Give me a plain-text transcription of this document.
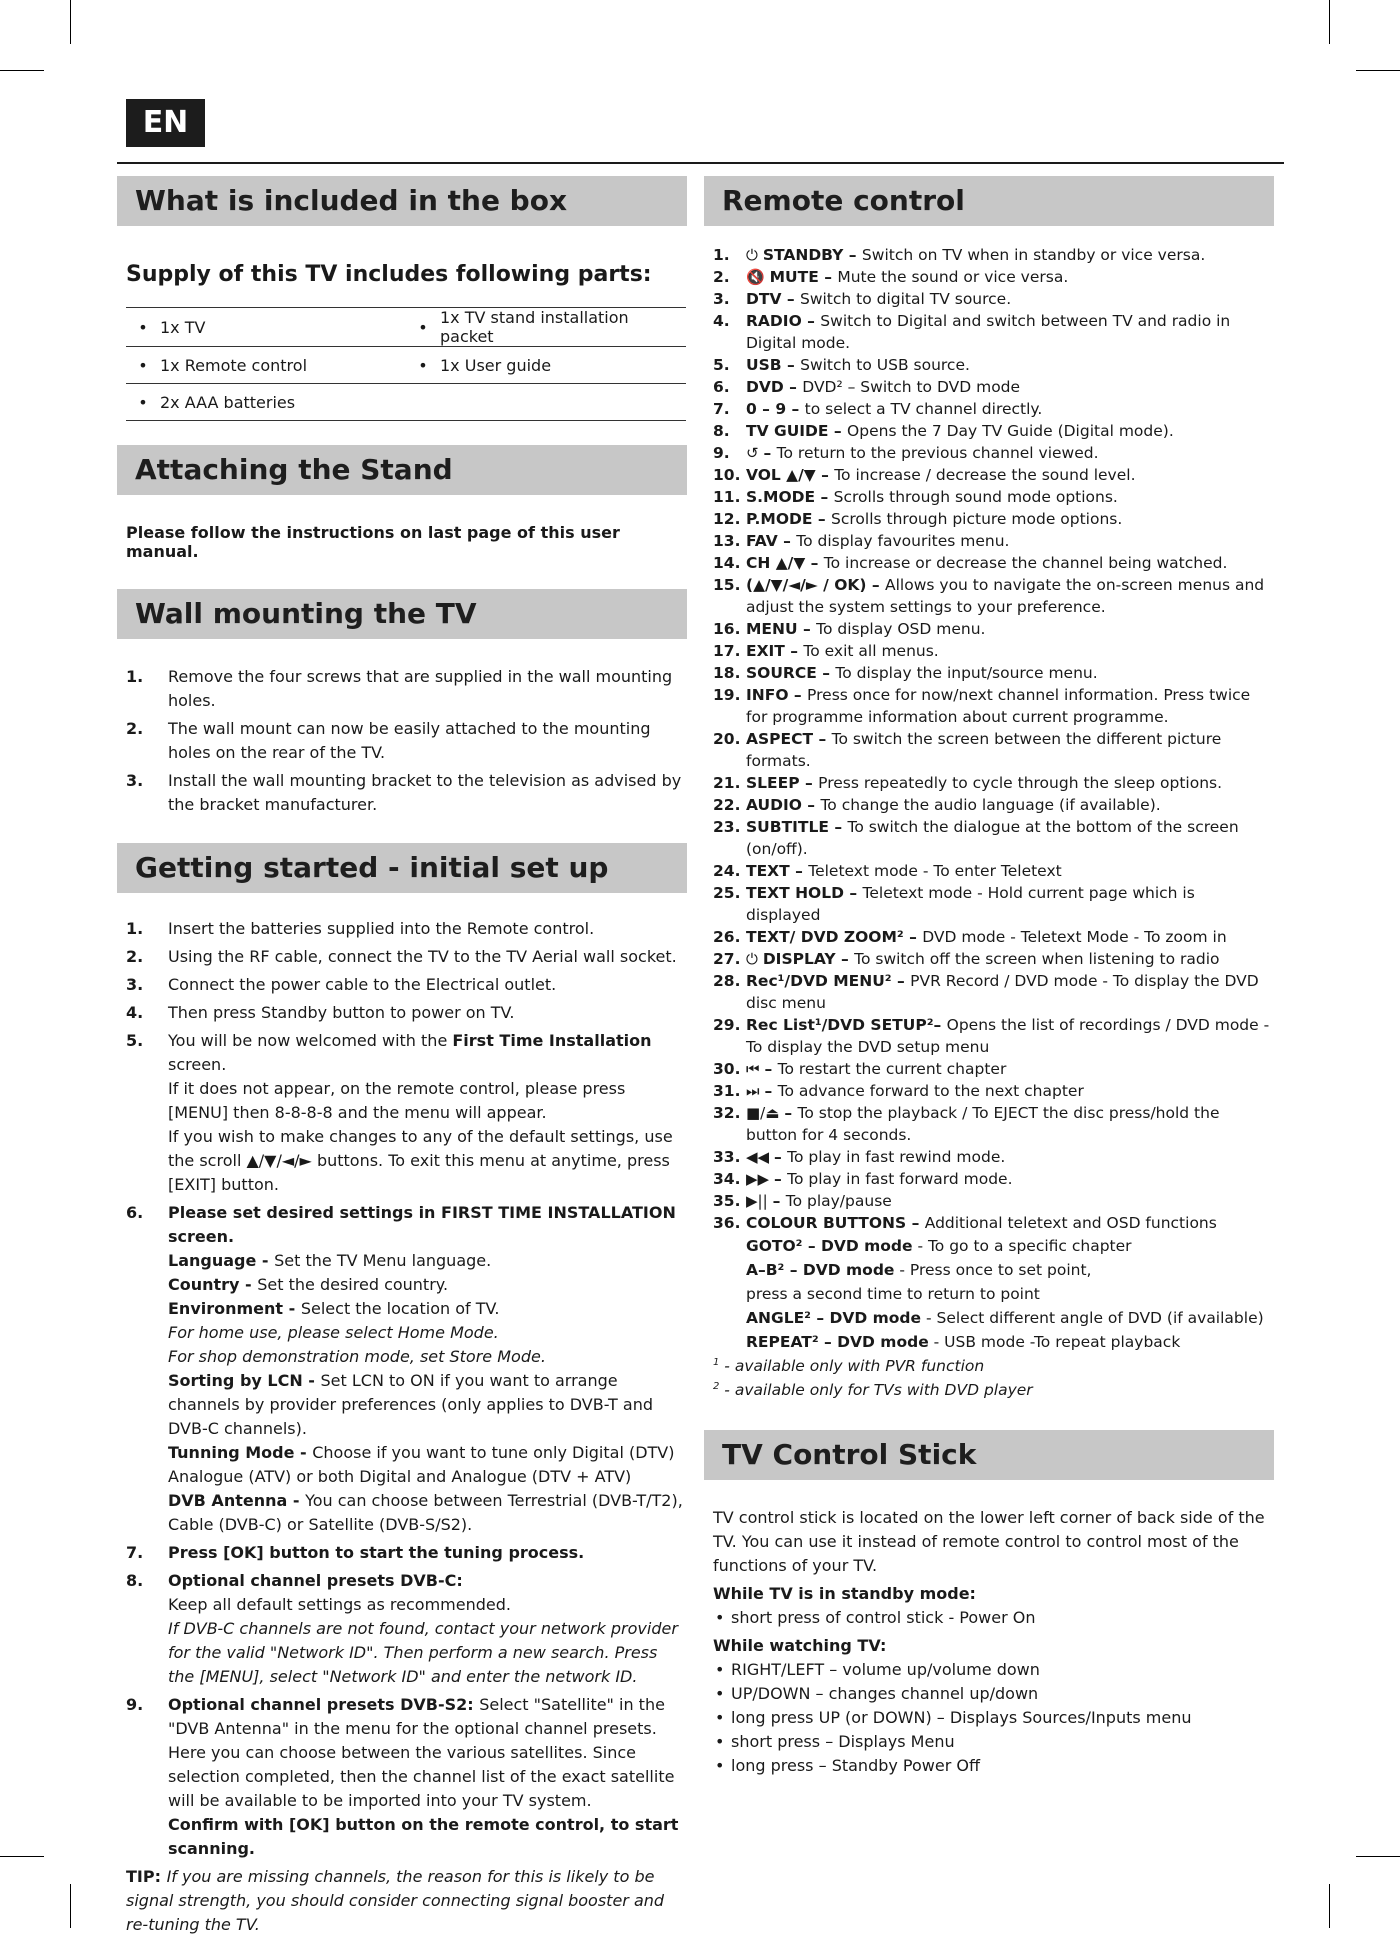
EN
What is included in the box
Supply of this TV includes following parts:
•	1x TV	•	1x TV stand installation packet
•	1x Remote control	•	1x User guide
•	2x AAA batteries		
Attaching the Stand
Please follow the instructions on last page of this user manual.
Wall mounting the TV
1. Remove the four screws that are supplied in the wall mounting holes.
2. The wall mount can now be easily attached to the mounting holes on the rear of the TV.
3. Install the wall mounting bracket to the television as advised by the bracket manufacturer.
Getting started - initial set up
1. Insert the batteries supplied into the Remote control.
2. Using the RF cable, connect the TV to the TV Aerial wall socket.
3. Connect the power cable to the Electrical outlet.
4. Then press Standby button to power on TV.
5. You will be now welcomed with the First Time Installation screen.
If it does not appear, on the remote control, please press [MENU] then 8-8-8-8 and the menu will appear.
If you wish to make changes to any of the default settings, use the scroll ▲/▼/◄/► buttons. To exit this menu at anytime, press [EXIT] button.
6. Please set desired settings in FIRST TIME INSTALLATION screen.
Language - Set the TV Menu language.
Country - Set the desired country.
Environment - Select the location of TV.
For home use, please select Home Mode.
For shop demonstration mode, set Store Mode.
Sorting by LCN - Set LCN to ON if you want to arrange channels by provider preferences (only applies to DVB-T and DVB-C channels).
Tunning Mode - Choose if you want to tune only Digital (DTV) Analogue (ATV) or both Digital and Analogue (DTV + ATV)
DVB Antenna - You can choose between Terrestrial (DVB-T/T2), Cable (DVB-C) or Satellite (DVB-S/S2).
7. Press [OK] button to start the tuning process.
8. Optional channel presets DVB-C:
Keep all default settings as recommended.
If DVB-C channels are not found, contact your network provider for the valid "Network ID". Then perform a new search. Press the [MENU], select "Network ID" and enter the network ID.
9. Optional channel presets DVB-S2: Select "Satellite" in the "DVB Antenna" in the menu for the optional channel presets. Here you can choose between the various satellites. Since selection completed, then the channel list of the exact satellite will be available to be imported into your TV system.
Confirm with [OK] button on the remote control, to start scanning.
TIP: If you are missing channels, the reason for this is likely to be signal strength, you should consider connecting signal booster and re-tuning the TV.
Remote control
1. ⏻ STANDBY – Switch on TV when in standby or vice versa.
2. 🔇 MUTE – Mute the sound or vice versa.
3. DTV – Switch to digital TV source.
4. RADIO – Switch to Digital and switch between TV and radio in Digital mode.
5. USB – Switch to USB source.
6. DVD – DVD² – Switch to DVD mode
7. 0 – 9 – to select a TV channel directly.
8. TV GUIDE – Opens the 7 Day TV Guide (Digital mode).
9. ↺ – To return to the previous channel viewed.
10. VOL ▲/▼ – To increase / decrease the sound level.
11. S.MODE – Scrolls through sound mode options.
12. P.MODE – Scrolls through picture mode options.
13. FAV – To display favourites menu.
14. CH ▲/▼ – To increase or decrease the channel being watched.
15. (▲/▼/◄/► / OK) – Allows you to navigate the on-screen menus and adjust the system settings to your preference.
16. MENU – To display OSD menu.
17. EXIT – To exit all menus.
18. SOURCE – To display the input/source menu.
19. INFO – Press once for now/next channel information. Press twice for programme information about current programme.
20. ASPECT – To switch the screen between the different picture formats.
21. SLEEP – Press repeatedly to cycle through the sleep options.
22. AUDIO – To change the audio language (if available).
23. SUBTITLE – To switch the dialogue at the bottom of the screen (on/off).
24. TEXT – Teletext mode - To enter Teletext
25. TEXT HOLD – Teletext mode - Hold current page which is displayed
26. TEXT/ DVD ZOOM² – DVD mode - Teletext Mode - To zoom in
27. ⏻ DISPLAY – To switch off the screen when listening to radio
28. Rec¹/DVD MENU² – PVR Record / DVD mode - To display the DVD disc menu
29. Rec List¹/DVD SETUP²– Opens the list of recordings / DVD mode - To display the DVD setup menu
30. ⏮ – To restart the current chapter
31. ⏭ – To advance forward to the next chapter
32. ■/⏏ – To stop the playback / To EJECT the disc press/hold the button for 4 seconds.
33. ◀◀ – To play in fast rewind mode.
34. ▶▶ – To play in fast forward mode.
35. ▶|| – To play/pause
36. COLOUR BUTTONS – Additional teletext and OSD functions
GOTO² – DVD mode - To go to a specific chapter
A–B² – DVD mode - Press once to set point,
press a second time to return to point
ANGLE² – DVD mode - Select different angle of DVD (if available)
REPEAT² – DVD mode - USB mode -To repeat playback
$^1$ - available only with PVR function
$^2$ - available only for TVs with DVD player
TV Control Stick
TV control stick is located on the lower left corner of back side of the TV. You can use it instead of remote control to control most of the functions of your TV.
While TV is in standby mode:
• short press of control stick - Power On
While watching TV:
• RIGHT/LEFT – volume up/volume down
• UP/DOWN – changes channel up/down
• long press UP (or DOWN) – Displays Sources/Inputs menu
• short press – Displays Menu
• long press – Standby Power Off
